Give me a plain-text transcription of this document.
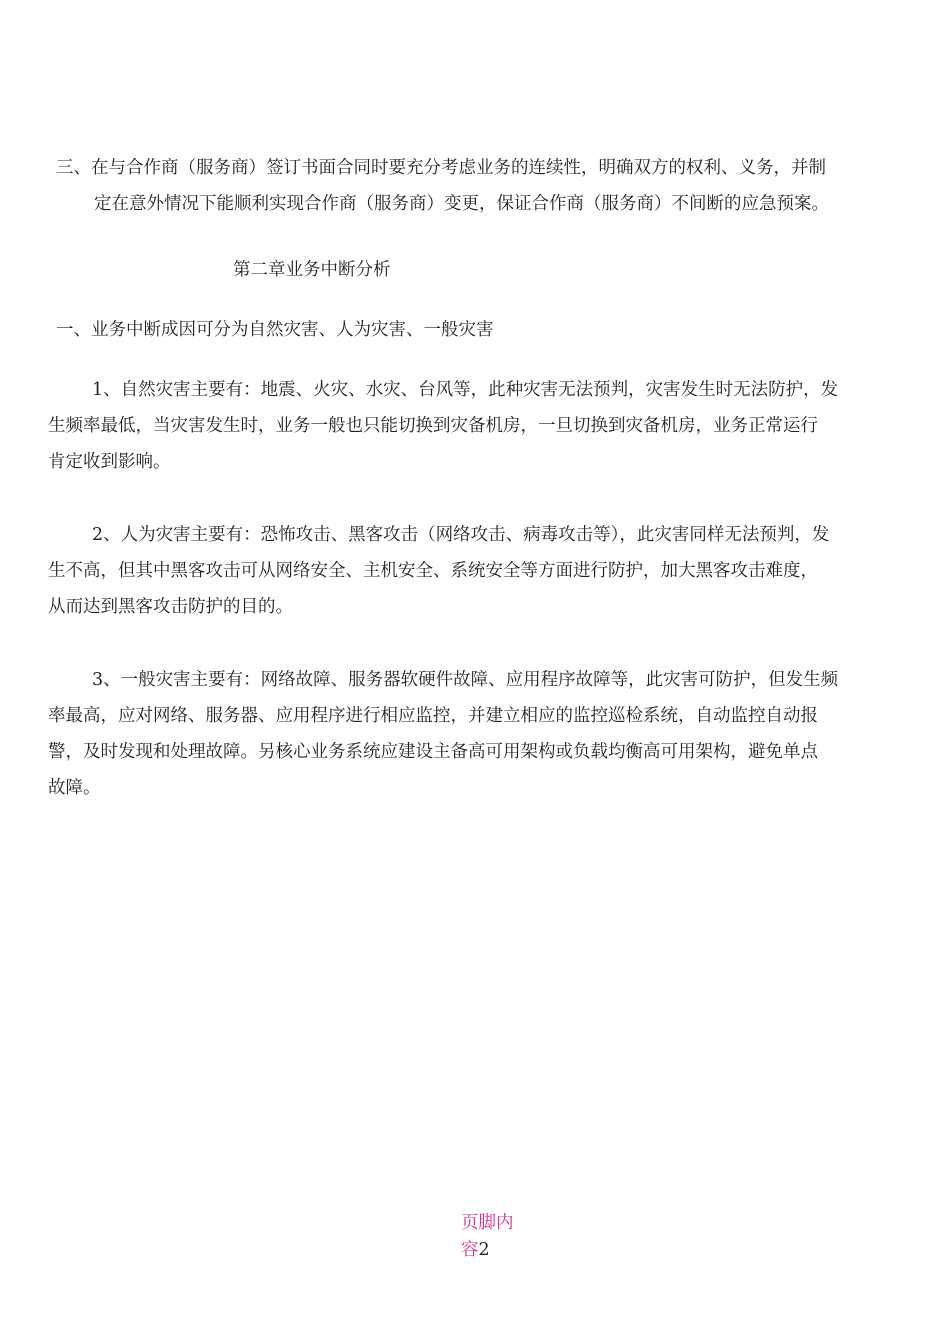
三、在与合作商（服务商）签订书面合同时要充分考虑业务的连续性，明确双方的权利、义务，并制
定在意外情况下能顺利实现合作商（服务商）变更，保证合作商（服务商）不间断的应急预案。

第二章业务中断分析

一、业务中断成因可分为自然灾害、人为灾害、一般灾害

1、自然灾害主要有：地震、火灾、水灾、台风等，此种灾害无法预判，灾害发生时无法防护，发
生频率最低，当灾害发生时，业务一般也只能切换到灾备机房，一旦切换到灾备机房，业务正常运行
肯定收到影响。

2、人为灾害主要有：恐怖攻击、黑客攻击（网络攻击、病毒攻击等），此灾害同样无法预判，发
生不高，但其中黑客攻击可从网络安全、主机安全、系统安全等方面进行防护，加大黑客攻击难度，
从而达到黑客攻击防护的目的。

3、一般灾害主要有：网络故障、服务器软硬件故障、应用程序故障等，此灾害可防护，但发生频
率最高，应对网络、服务器、应用程序进行相应监控，并建立相应的监控巡检系统，自动监控自动报
警，及时发现和处理故障。另核心业务系统应建设主备高可用架构或负载均衡高可用架构，避免单点
故障。

页脚内
容2
